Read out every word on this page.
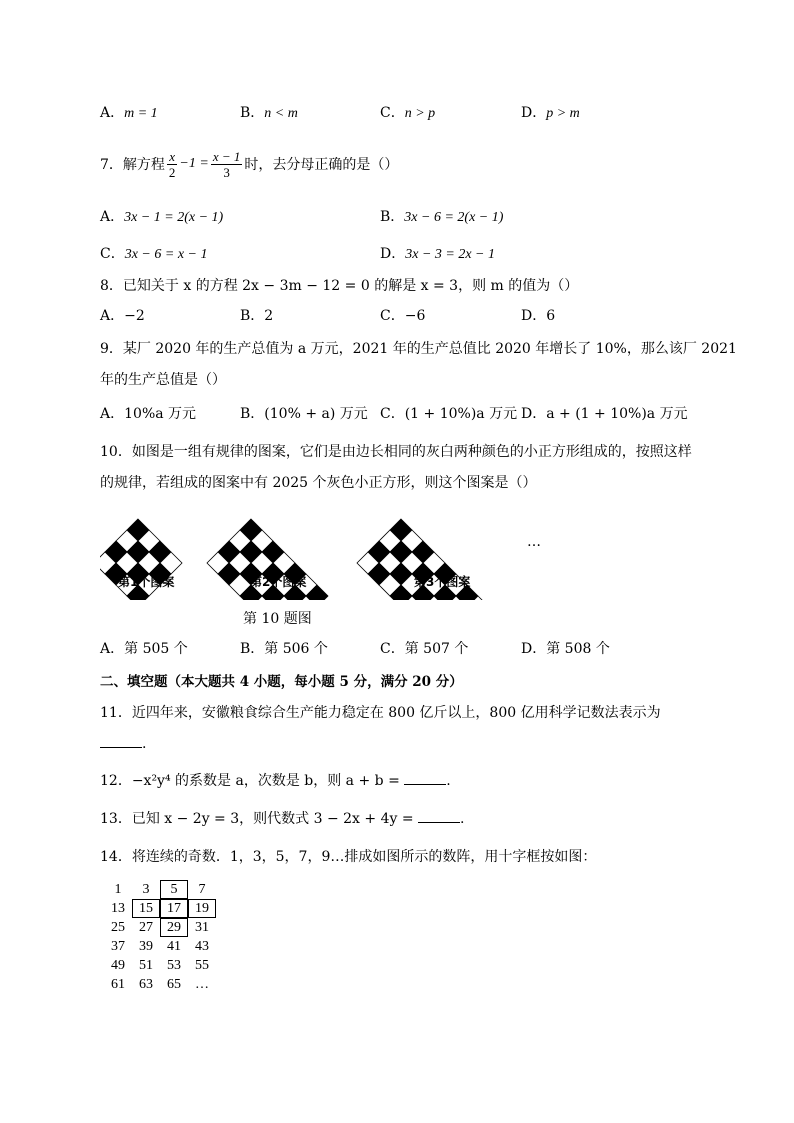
A．m = 1	B．n < m	C．n > p	D．p > m
7．解方程 $\frac{x}{2} -1 = \frac{x - 1}{3}$ 时，去分母正确的是（）
A．3x − 1 = 2(x − 1)	B．3x − 6 = 2(x − 1)
C．3x − 6 = x − 1	D．3x − 3 = 2x − 1
8．已知关于 x 的方程 2x − 3m − 12 = 0 的解是 x = 3，则 m 的值为（）
A．−2	B．2	C．−6	D．6
9．某厂 2020 年的生产总值为 a 万元，2021 年的生产总值比 2020 年增长了 10%，那么该厂 2021
年的生产总值是（）
A．10%a 万元	B．(10% + a) 万元 C．(1 + 10%)a 万元 D．a + (1 + 10%)a 万元
10．如图是一组有规律的图案，它们是由边长相同的灰白两种颜色的小正方形组成的，按照这样
的规律，若组成的图案中有 2025 个灰色小正方形，则这个图案是（）
…
第1个图案	第2个图案	第3个图案
第 10 题图
A．第 505 个	B．第 506 个	C．第 507 个	D．第 508 个
二、填空题（本大题共 4 小题，每小题 5 分，满分 20 分）
11．近四年来，安徽粮食综合生产能力稳定在 800 亿斤以上，800 亿用科学记数法表示为
.
12．−x²y⁴ 的系数是 a，次数是 b，则 a + b =	.
13．已知 x − 2y = 3，则代数式 3 − 2x + 4y =	.
14．将连续的奇数．1，3，5，7，9…排成如图所示的数阵，用十字框按如图：
1	3	5	7
13	15	17	19
25	27	29	31
37	39	41	43
49	51	53	55
61	63	65	…
